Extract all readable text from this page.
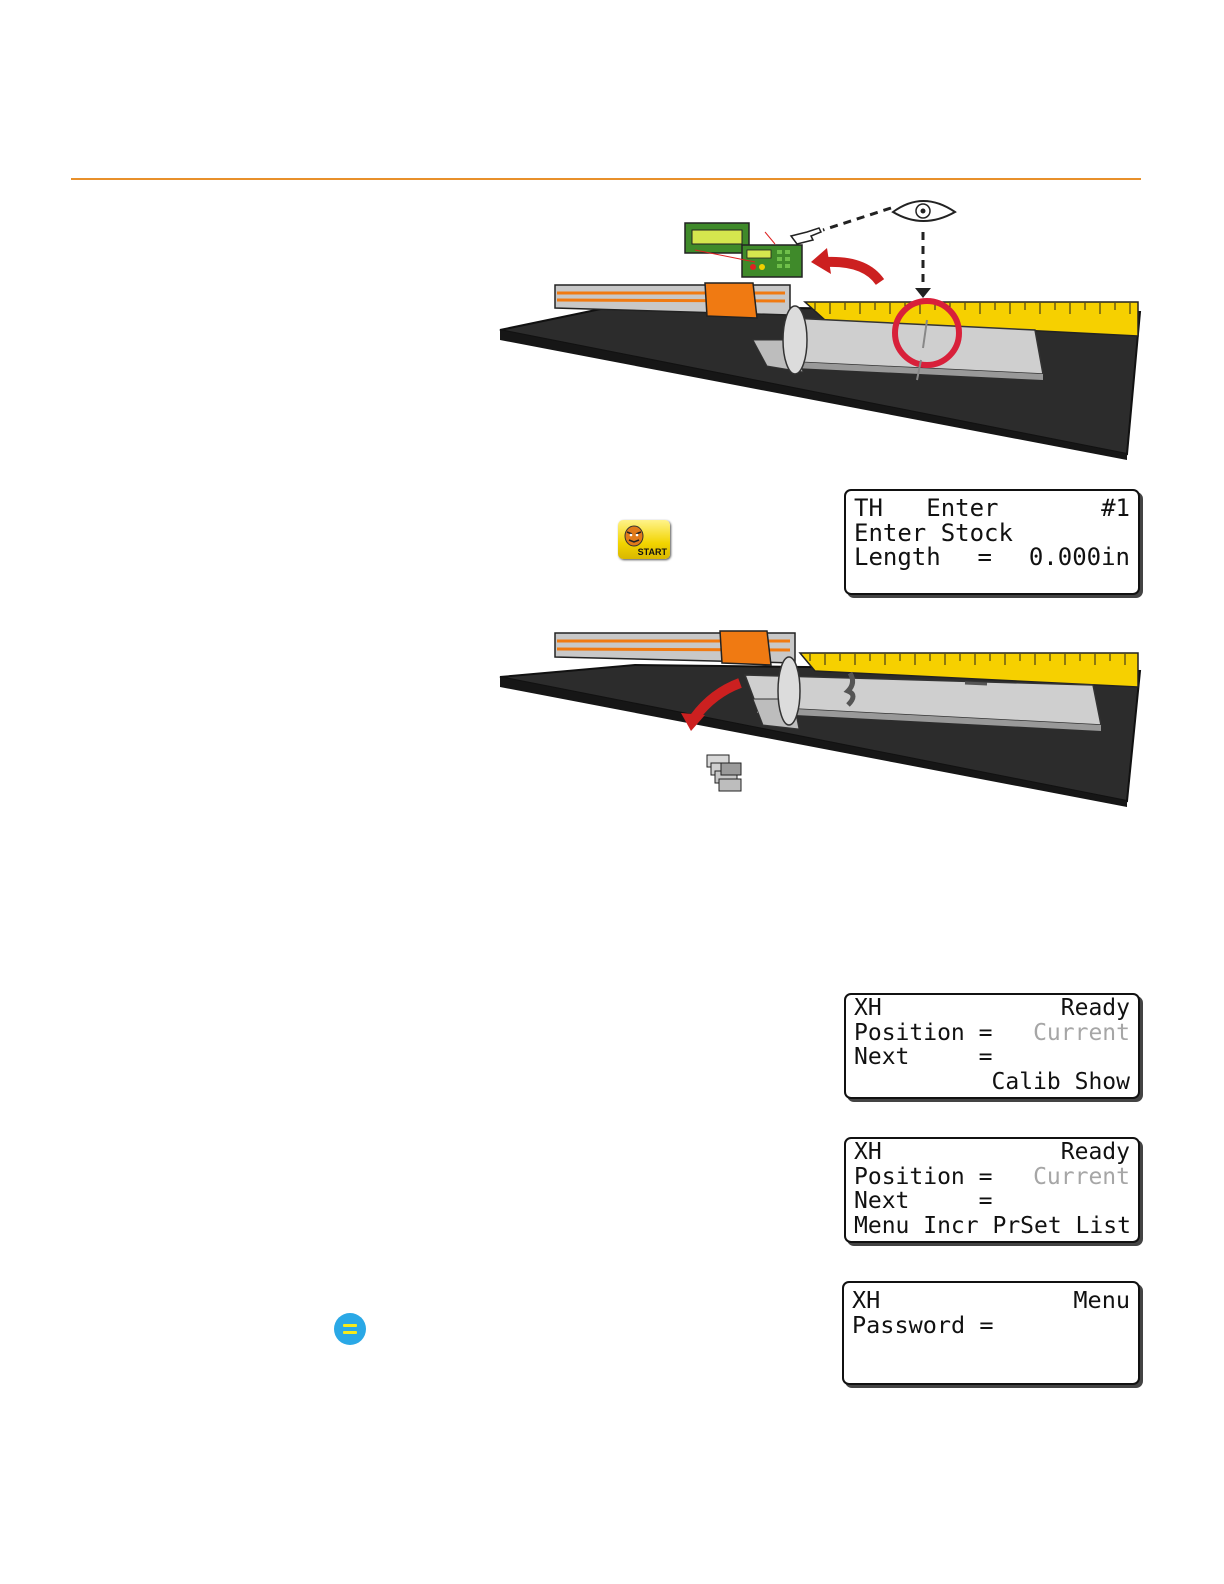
START
TH   Enter	#1
Enter Stock
Length = 0.000in
XH	Ready
Position = Current
Next     =
Calib Show
XH	Ready
Position = Current
Next     =
Menu Incr PrSet List
XH	Menu
Password =
